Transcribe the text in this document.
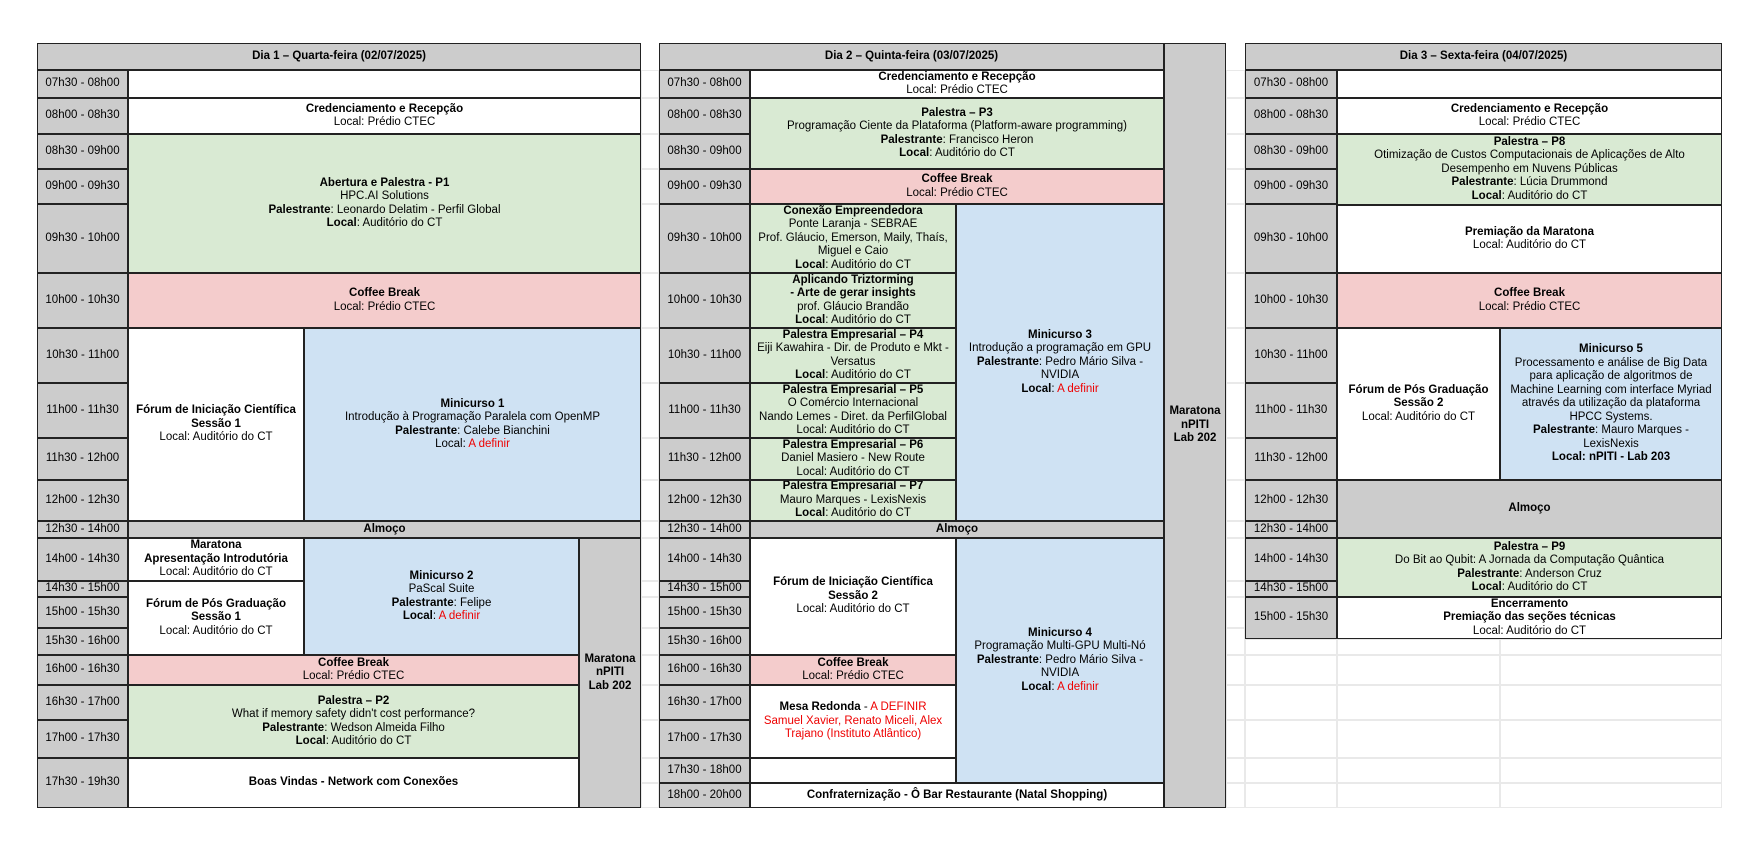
Dia 1 – Quarta-feira (02/07/2025)
07h30 - 08h00
08h00 - 08h30
08h30 - 09h00
09h00 - 09h30
09h30 - 10h00
10h00 - 10h30
10h30 - 11h00
11h00 - 11h30
11h30 - 12h00
12h00 - 12h30
12h30 - 14h00
14h00 - 14h30
14h30 - 15h00
15h00 - 15h30
15h30 - 16h00
16h00 - 16h30
16h30 - 17h00
17h00 - 17h30
17h30 - 19h30
Credenciamento e Recepção
Local: Prédio CTEC
Abertura e Palestra - P1
HPC.AI Solutions
Palestrante: Leonardo Delatim - Perfil Global
Local: Auditório do CT
Coffee Break
Local: Prédio CTEC
Fórum de Iniciação Científica
Sessão 1
Local: Auditório do CT
Minicurso 1
Introdução à Programação Paralela com OpenMP
Palestrante: Calebe Bianchini
Local: A definir
Almoço
Maratona
Apresentação Introdutória
Local: Auditório do CT
Fórum de Pós Graduação
Sessão 1
Local: Auditório do CT
Minicurso 2
PaScal Suite
Palestrante: Felipe
Local: A definir
Coffee Break
Local: Prédio CTEC
Palestra – P2
What if memory safety didn't cost performance?
Palestrante: Wedson Almeida Filho
Local: Auditório do CT
Boas Vindas - Network com Conexões
Maratona
nPITI
Lab 202
Dia 2 – Quinta-feira (03/07/2025)
07h30 - 08h00
08h00 - 08h30
08h30 - 09h00
09h00 - 09h30
09h30 - 10h00
10h00 - 10h30
10h30 - 11h00
11h00 - 11h30
11h30 - 12h00
12h00 - 12h30
12h30 - 14h00
14h00 - 14h30
14h30 - 15h00
15h00 - 15h30
15h30 - 16h00
16h00 - 16h30
16h30 - 17h00
17h00 - 17h30
17h30 - 18h00
18h00 - 20h00
Credenciamento e Recepção
Local: Prédio CTEC
Palestra – P3
Programação Ciente da Plataforma (Platform-aware programming)
Palestrante: Francisco Heron
Local: Auditório do CT
Coffee Break
Local: Prédio CTEC
Conexão Empreendedora
Ponte Laranja - SEBRAE
Prof. Gláucio, Emerson, Maily, Thaís,
Miguel e Caio
Local: Auditório do CT
Aplicando Triztorming
- Arte de gerar insights
prof. Gláucio Brandão
Local: Auditório do CT
Palestra Empresarial – P4
Eiji Kawahira - Dir. de Produto e Mkt -
Versatus
Local: Auditório do CT
Palestra Empresarial – P5
O Comércio Internacional
Nando Lemes - Diret. da PerfilGlobal
Local: Auditório do CT
Palestra Empresarial – P6
Daniel Masiero - New Route
Local: Auditório do CT
Palestra Empresarial – P7
Mauro Marques - LexisNexis
Local: Auditório do CT
Minicurso 3
Introdução a programação em GPU
Palestrante: Pedro Mário Silva -
NVIDIA
Local: A definir
Almoço
Fórum de Iniciação Científica
Sessão 2
Local: Auditório do CT
Coffee Break
Local: Prédio CTEC
Mesa Redonda - A DEFINIR
Samuel Xavier, Renato Miceli, Alex
Trajano (Instituto Atlântico)
Minicurso 4
Programação Multi-GPU Multi-Nó
Palestrante: Pedro Mário Silva -
NVIDIA
Local: A definir
Confraternização - Ô Bar Restaurante (Natal Shopping)
Maratona
nPITI
Lab 202
Dia 3 – Sexta-feira (04/07/2025)
07h30 - 08h00
08h00 - 08h30
08h30 - 09h00
09h00 - 09h30
09h30 - 10h00
10h00 - 10h30
10h30 - 11h00
11h00 - 11h30
11h30 - 12h00
12h00 - 12h30
12h30 - 14h00
14h00 - 14h30
14h30 - 15h00
15h00 - 15h30
Credenciamento e Recepção
Local: Prédio CTEC
Palestra – P8
Otimização de Custos Computacionais de Aplicações de Alto
Desempenho em Nuvens Públicas
Palestrante: Lúcia Drummond
Local: Auditório do CT
Premiação da Maratona
Local: Auditório do CT
Coffee Break
Local: Prédio CTEC
Fórum de Pós Graduação
Sessão 2
Local: Auditório do CT
Minicurso 5
Processamento e análise de Big Data
para aplicação de algoritmos de
Machine Learning com interface Myriad
através da utilização da plataforma
HPCC Systems.
Palestrante: Mauro Marques -
LexisNexis
Local: nPITI - Lab 203
Almoço
Palestra – P9
Do Bit ao Qubit: A Jornada da Computação Quântica
Palestrante: Anderson Cruz
Local: Auditório do CT
Encerramento
Premiação das seções técnicas
Local: Auditório do CT
